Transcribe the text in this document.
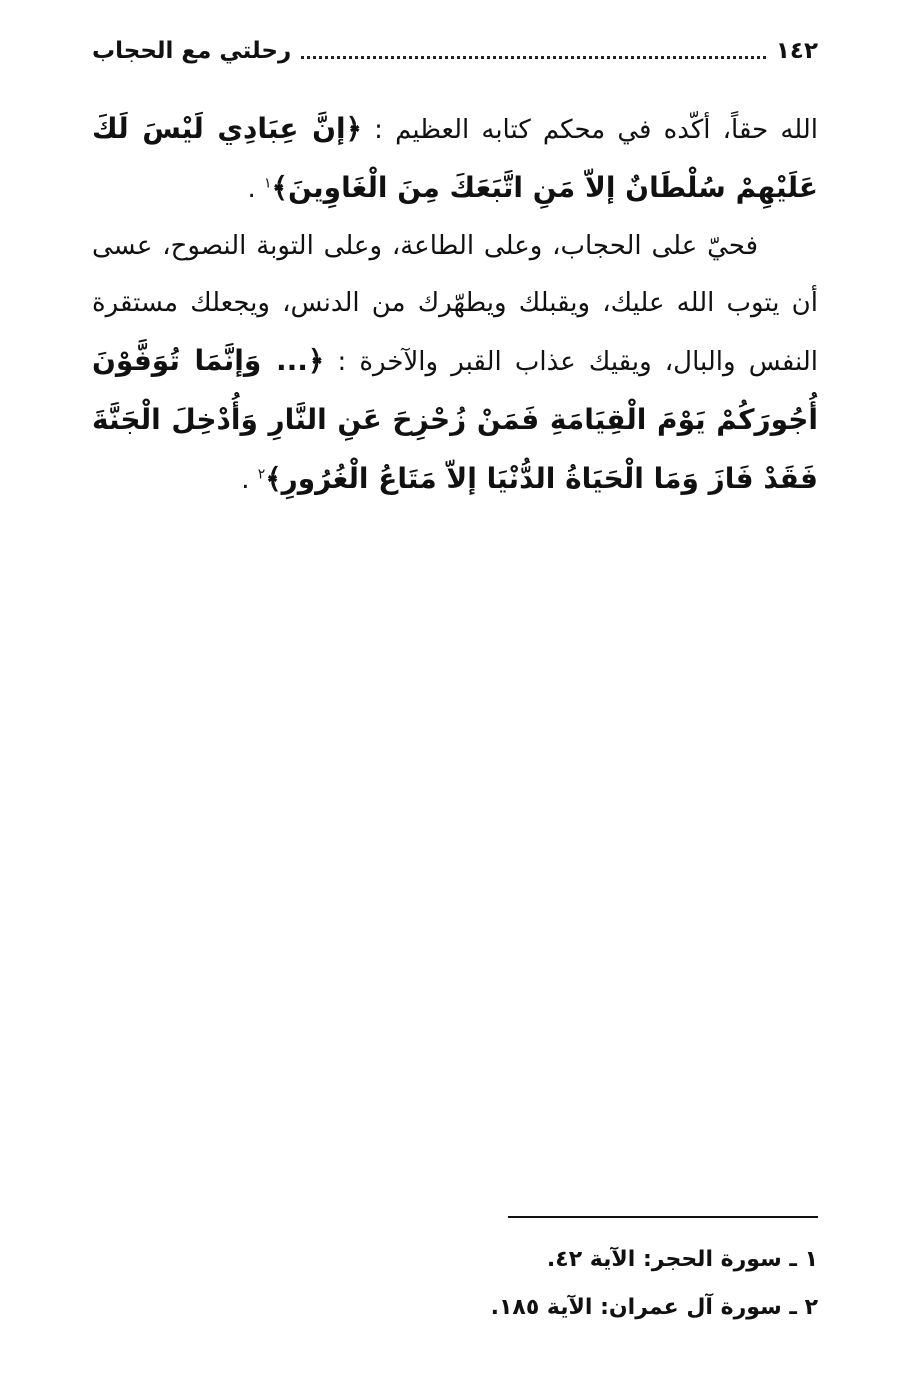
١٤٢
رحلتي مع الحجاب

الله حقاً، أكّده في محكم كتابه العظيم : ﴿إنَّ عِبَادِي لَيْسَ لَكَ عَلَيْهِمْ سُلْطَانٌ إلاّ مَنِ اتَّبَعَكَ مِنَ الْغَاوِينَ﴾$^١$ .

فحيّ على الحجاب، وعلى الطاعة، وعلى التوبة النصوح، عسى أن يتوب الله عليك، ويقبلك ويطهّرك من الدنس، ويجعلك مستقرة النفس والبال، ويقيك عذاب القبر والآخرة : ﴿... وَإنَّمَا تُوَفَّوْنَ أُجُورَكُمْ يَوْمَ الْقِيَامَةِ فَمَنْ زُحْزِحَ عَنِ النَّارِ وَأُدْخِلَ الْجَنَّةَ فَقَدْ فَازَ وَمَا الْحَيَاةُ الدُّنْيَا إلاّ مَتَاعُ الْغُرُورِ﴾$^٢$ .

١ ـ سورة الحجر: الآية ٤٢.
٢ ـ سورة آل عمران: الآية ١٨٥.
